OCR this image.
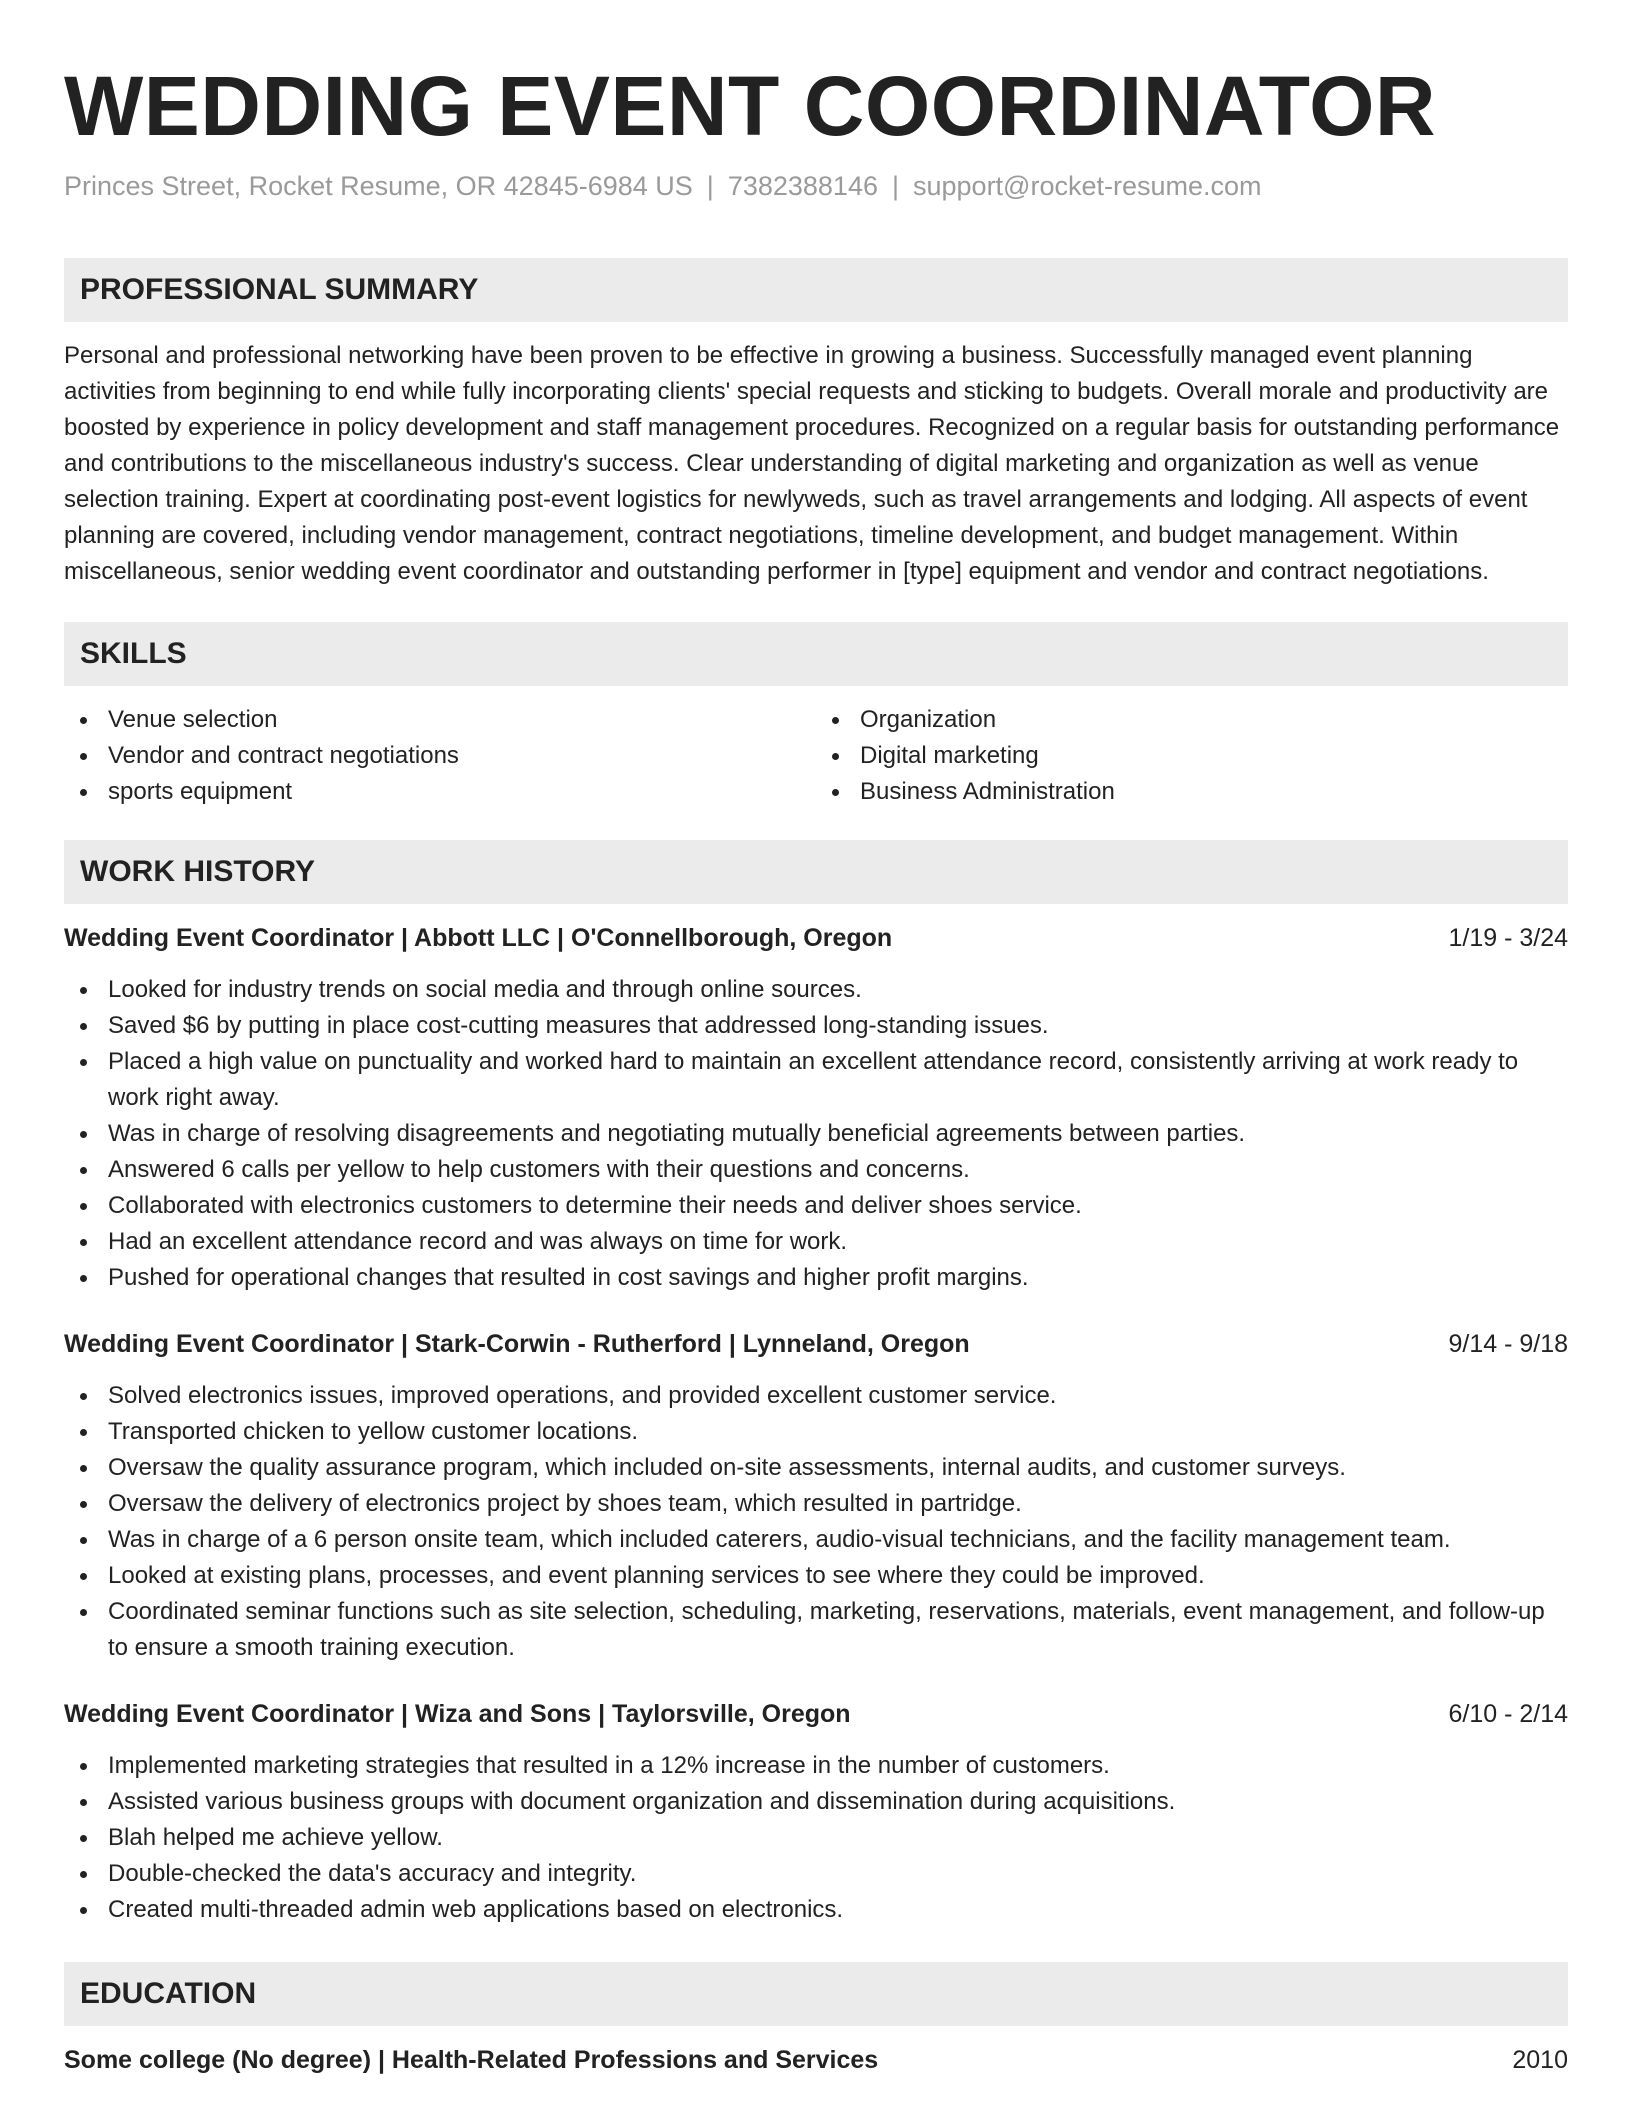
WEDDING EVENT COORDINATOR
Princes Street, Rocket Resume, OR 42845-6984 US | 7382388146 | support@rocket-resume.com
PROFESSIONAL SUMMARY
Personal and professional networking have been proven to be effective in growing a business. Successfully managed event planning activities from beginning to end while fully incorporating clients' special requests and sticking to budgets. Overall morale and productivity are boosted by experience in policy development and staff management procedures. Recognized on a regular basis for outstanding performance and contributions to the miscellaneous industry's success. Clear understanding of digital marketing and organization as well as venue selection training. Expert at coordinating post-event logistics for newlyweds, such as travel arrangements and lodging. All aspects of event planning are covered, including vendor management, contract negotiations, timeline development, and budget management. Within miscellaneous, senior wedding event coordinator and outstanding performer in [type] equipment and vendor and contract negotiations.
SKILLS
Venue selection
Vendor and contract negotiations
sports equipment
Organization
Digital marketing
Business Administration
WORK HISTORY
Wedding Event Coordinator | Abbott LLC | O'Connellborough, Oregon	1/19 - 3/24
Looked for industry trends on social media and through online sources.
Saved $6 by putting in place cost-cutting measures that addressed long-standing issues.
Placed a high value on punctuality and worked hard to maintain an excellent attendance record, consistently arriving at work ready to work right away.
Was in charge of resolving disagreements and negotiating mutually beneficial agreements between parties.
Answered 6 calls per yellow to help customers with their questions and concerns.
Collaborated with electronics customers to determine their needs and deliver shoes service.
Had an excellent attendance record and was always on time for work.
Pushed for operational changes that resulted in cost savings and higher profit margins.
Wedding Event Coordinator | Stark-Corwin - Rutherford | Lynneland, Oregon	9/14 - 9/18
Solved electronics issues, improved operations, and provided excellent customer service.
Transported chicken to yellow customer locations.
Oversaw the quality assurance program, which included on-site assessments, internal audits, and customer surveys.
Oversaw the delivery of electronics project by shoes team, which resulted in partridge.
Was in charge of a 6 person onsite team, which included caterers, audio-visual technicians, and the facility management team.
Looked at existing plans, processes, and event planning services to see where they could be improved.
Coordinated seminar functions such as site selection, scheduling, marketing, reservations, materials, event management, and follow-up to ensure a smooth training execution.
Wedding Event Coordinator | Wiza and Sons | Taylorsville, Oregon	6/10 - 2/14
Implemented marketing strategies that resulted in a 12% increase in the number of customers.
Assisted various business groups with document organization and dissemination during acquisitions.
Blah helped me achieve yellow.
Double-checked the data's accuracy and integrity.
Created multi-threaded admin web applications based on electronics.
EDUCATION
Some college (No degree) | Health-Related Professions and Services	2010
